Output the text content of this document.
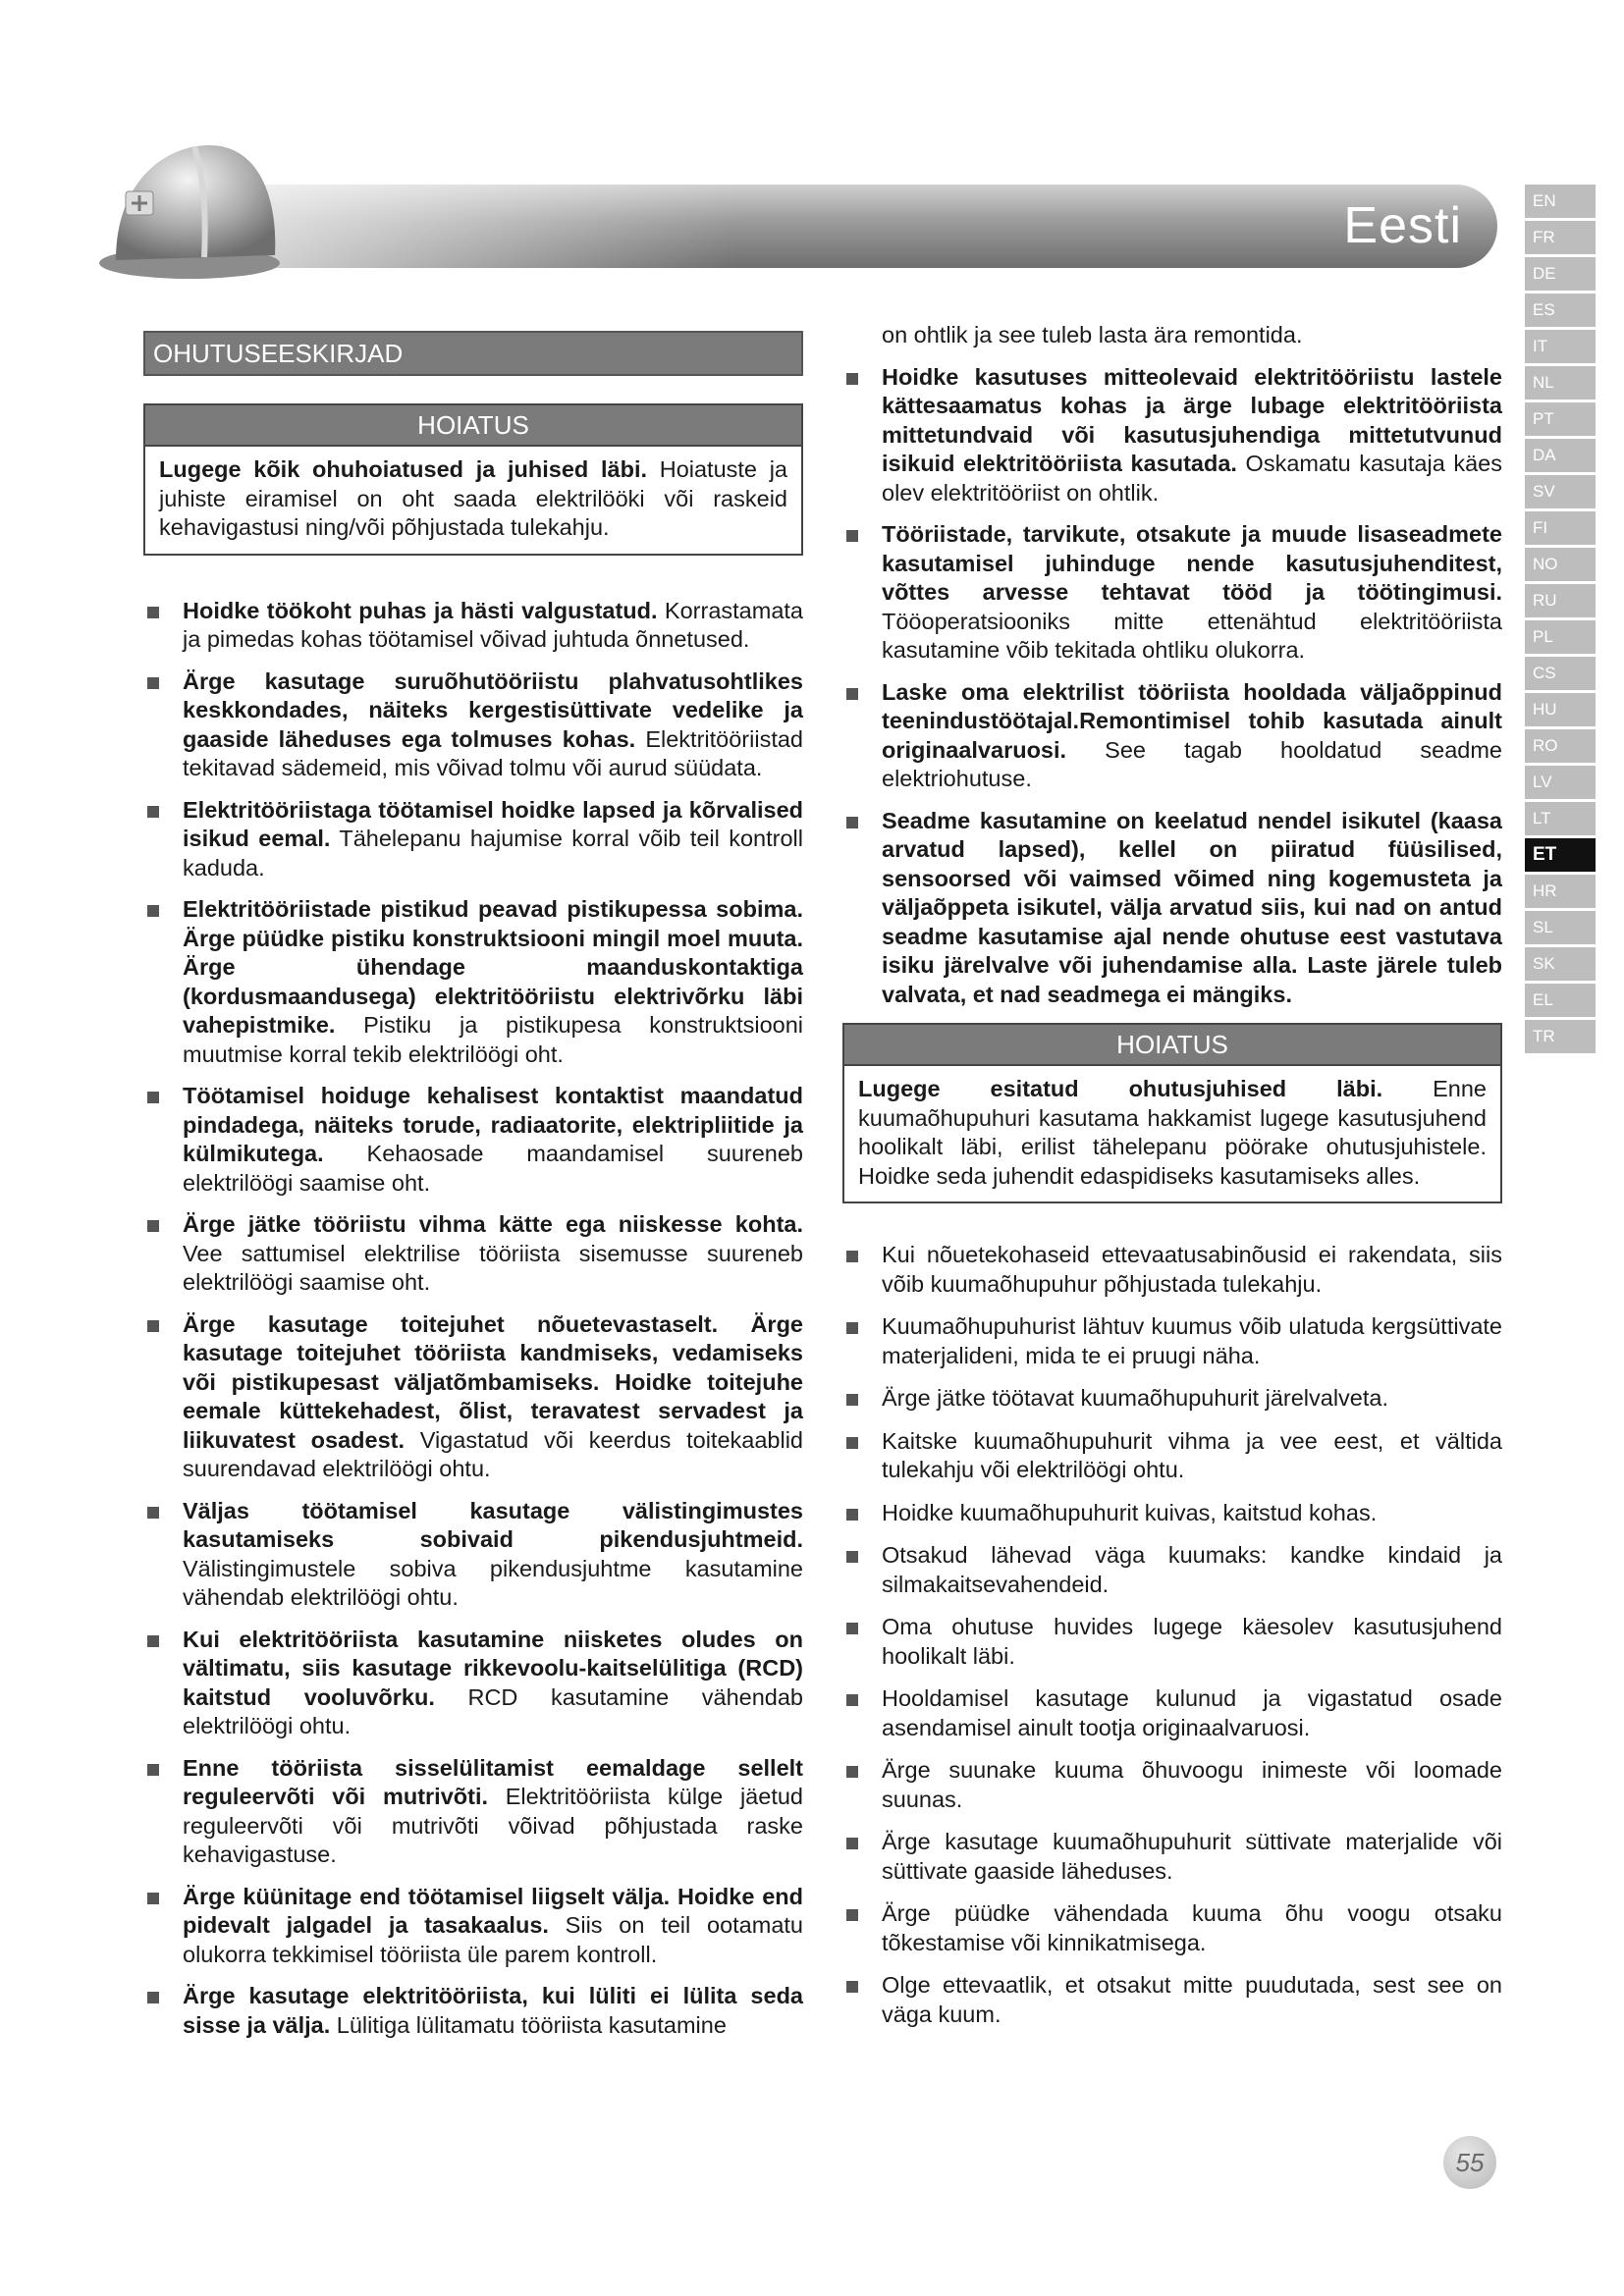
Eesti	EN
FR
DE
ES
IT
NL
PT
DA
SV
FI
NO
RU
PL
CS
HU
RO
LV
LT
ET
HR
SL
SK
EL
TR
OHUTUSEESKIRJAD
HOIATUS
Lugege kõik ohuhoiatused ja juhised läbi. Hoiatuste ja juhiste eiramisel on oht saada elektrilööki või raskeid kehavigastusi ning/või põhjustada tulekahju.
Hoidke töökoht puhas ja hästi valgustatud. Korrastamata ja pimedas kohas töötamisel võivad juhtuda õnnetused.
Ärge kasutage suruõhutööriistu plahvatusohtlikes keskkondades, näiteks kergestisüttivate vedelike ja gaaside läheduses ega tolmuses kohas. Elektritööriistad tekitavad sädemeid, mis võivad tolmu või aurud süüdata.
Elektritööriistaga töötamisel hoidke lapsed ja kõrvalised isikud eemal. Tähelepanu hajumise korral võib teil kontroll kaduda.
Elektritööriistade pistikud peavad pistikupessa sobima. Ärge püüdke pistiku konstruktsiooni mingil moel muuta. Ärge ühendage maanduskontaktiga (kordusmaandusega) elektritööriistu elektrivõrku läbi vahepistmike. Pistiku ja pistikupesa konstruktsiooni muutmise korral tekib elektrilöögi oht.
Töötamisel hoiduge kehalisest kontaktist maandatud pindadega, näiteks torude, radiaatorite, elektripliitide ja külmikutega. Kehaosade maandamisel suureneb elektrilöögi saamise oht.
Ärge jätke tööriistu vihma kätte ega niiskesse kohta. Vee sattumisel elektrilise tööriista sisemusse suureneb elektrilöögi saamise oht.
Ärge kasutage toitejuhet nõuetevastaselt. Ärge kasutage toitejuhet tööriista kandmiseks, vedamiseks või pistikupesast väljatõmbamiseks. Hoidke toitejuhe eemale küttekehadest, õlist, teravatest servadest ja liikuvatest osadest. Vigastatud või keerdus toitekaablid suurendavad elektrilöögi ohtu.
Väljas töötamisel kasutage välistingimustes kasutamiseks sobivaid pikendusjuhtmeid. Välistingimustele sobiva pikendusjuhtme kasutamine vähendab elektrilöögi ohtu.
Kui elektritööriista kasutamine niisketes oludes on vältimatu, siis kasutage rikkevoolu-kaitselülitiga (RCD) kaitstud vooluvõrku. RCD kasutamine vähendab elektrilöögi ohtu.
Enne tööriista sisselülitamist eemaldage sellelt reguleervõti või mutrivõti. Elektritööriista külge jäetud reguleervõti või mutrivõti võivad põhjustada raske kehavigastuse.
Ärge küünitage end töötamisel liigselt välja. Hoidke end pidevalt jalgadel ja tasakaalus. Siis on teil ootamatu olukorra tekkimisel tööriista üle parem kontroll.
Ärge kasutage elektritööriista, kui lüliti ei lülita seda sisse ja välja. Lülitiga lülitamatu tööriista kasutamine
on ohtlik ja see tuleb lasta ära remontida.
Hoidke kasutuses mitteolevaid elektritööriistu lastele kättesaamatus kohas ja ärge lubage elektritööriista mittetundvaid või kasutusjuhendiga mittetutvunud isikuid elektritööriista kasutada. Oskamatu kasutaja käes olev elektritööriist on ohtlik.
Tööriistade, tarvikute, otsakute ja muude lisaseadmete kasutamisel juhinduge nende kasutusjuhenditest, võttes arvesse tehtavat tööd ja töötingimusi. Tööoperatsiooniks mitte ettenähtud elektritööriista kasutamine võib tekitada ohtliku olukorra.
Laske oma elektrilist tööriista hooldada väljaõppinud teenindustöötajal.Remontimisel tohib kasutada ainult originaalvaruosi. See tagab hooldatud seadme elektriohutuse.
Seadme kasutamine on keelatud nendel isikutel (kaasa arvatud lapsed), kellel on piiratud füüsilised, sensoorsed või vaimsed võimed ning kogemusteta ja väljaõppeta isikutel, välja arvatud siis, kui nad on antud seadme kasutamise ajal nende ohutuse eest vastutava isiku järelvalve või juhendamise alla. Laste järele tuleb valvata, et nad seadmega ei mängiks.
HOIATUS
Lugege esitatud ohutusjuhised läbi. Enne kuumaõhupuhuri kasutama hakkamist lugege kasutusjuhend hoolikalt läbi, erilist tähelepanu pöörake ohutusjuhistele. Hoidke seda juhendit edaspidiseks kasutamiseks alles.
Kui nõuetekohaseid ettevaatusabinõusid ei rakendata, siis võib kuumaõhupuhur põhjustada tulekahju.
Kuumaõhupuhurist lähtuv kuumus võib ulatuda kergsüttivate materjalideni, mida te ei pruugi näha.
Ärge jätke töötavat kuumaõhupuhurit järelvalveta.
Kaitske kuumaõhupuhurit vihma ja vee eest, et vältida tulekahju või elektrilöögi ohtu.
Hoidke kuumaõhupuhurit kuivas, kaitstud kohas.
Otsakud lähevad väga kuumaks: kandke kindaid ja silmakaitsevahendeid.
Oma ohutuse huvides lugege käesolev kasutusjuhend hoolikalt läbi.
Hooldamisel kasutage kulunud ja vigastatud osade asendamisel ainult tootja originaalvaruosi.
Ärge suunake kuuma õhuvoogu inimeste või loomade suunas.
Ärge kasutage kuumaõhupuhurit süttivate materjalide või süttivate gaaside läheduses.
Ärge püüdke vähendada kuuma õhu voogu otsaku tõkestamise või kinnikatmisega.
Olge ettevaatlik, et otsakut mitte puudutada, sest see on väga kuum.
55
